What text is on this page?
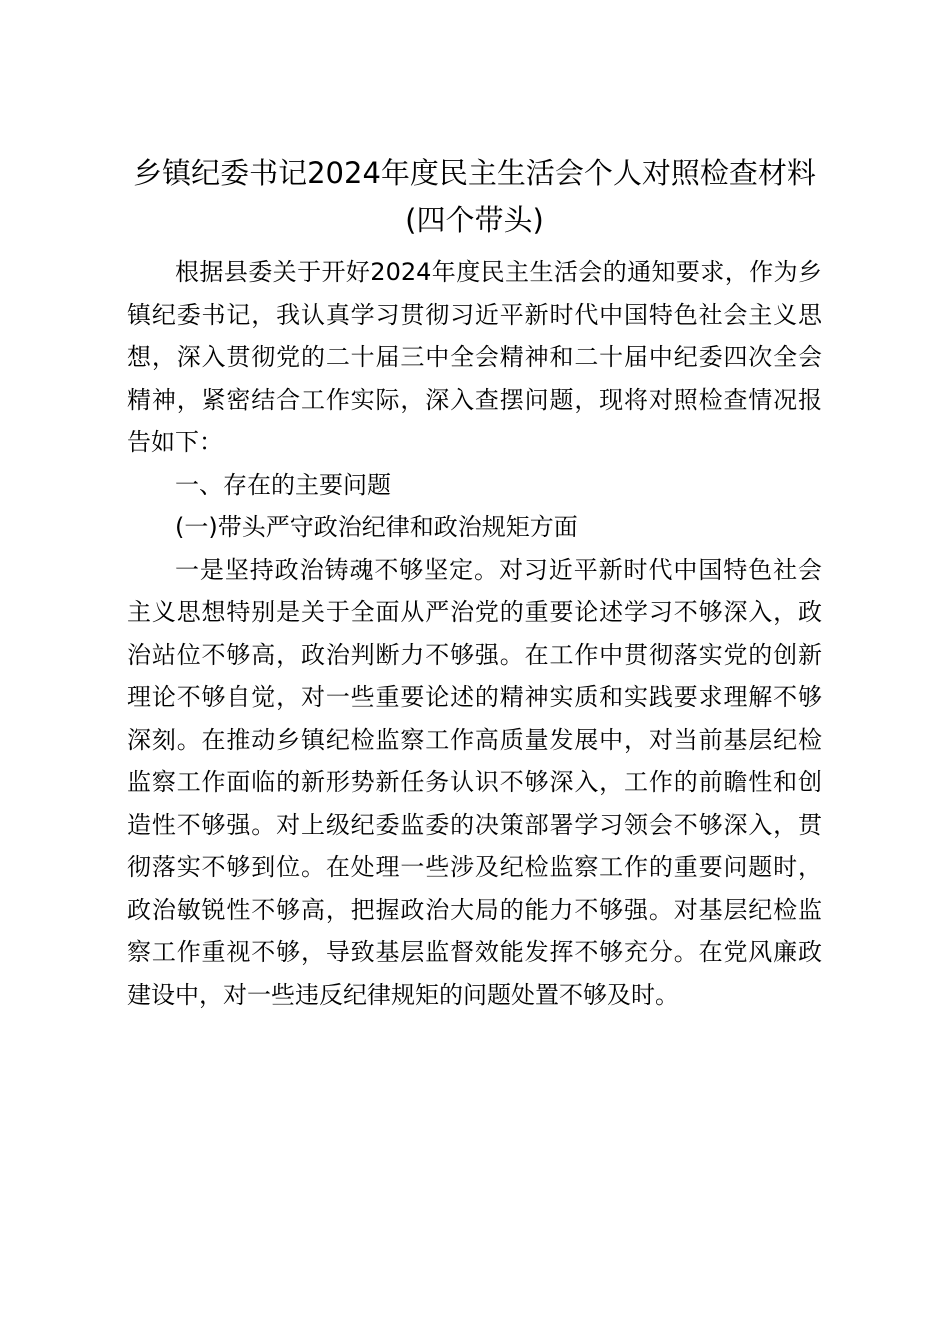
乡镇纪委书记2024年度民主生活会个人对照检查材料
(四个带头)

根据县委关于开好2024年度民主生活会的通知要求，作为乡镇纪委书记，我认真学习贯彻习近平新时代中国特色社会主义思想，深入贯彻党的二十届三中全会精神和二十届中纪委四次全会精神，紧密结合工作实际，深入查摆问题，现将对照检查情况报告如下：

一、存在的主要问题

(一)带头严守政治纪律和政治规矩方面

一是坚持政治铸魂不够坚定。对习近平新时代中国特色社会主义思想特别是关于全面从严治党的重要论述学习不够深入，政治站位不够高，政治判断力不够强。在工作中贯彻落实党的创新理论不够自觉，对一些重要论述的精神实质和实践要求理解不够深刻。在推动乡镇纪检监察工作高质量发展中，对当前基层纪检监察工作面临的新形势新任务认识不够深入，工作的前瞻性和创造性不够强。对上级纪委监委的决策部署学习领会不够深入，贯彻落实不够到位。在处理一些涉及纪检监察工作的重要问题时，政治敏锐性不够高，把握政治大局的能力不够强。对基层纪检监察工作重视不够，导致基层监督效能发挥不够充分。在党风廉政建设中，对一些违反纪律规矩的问题处置不够及时。
